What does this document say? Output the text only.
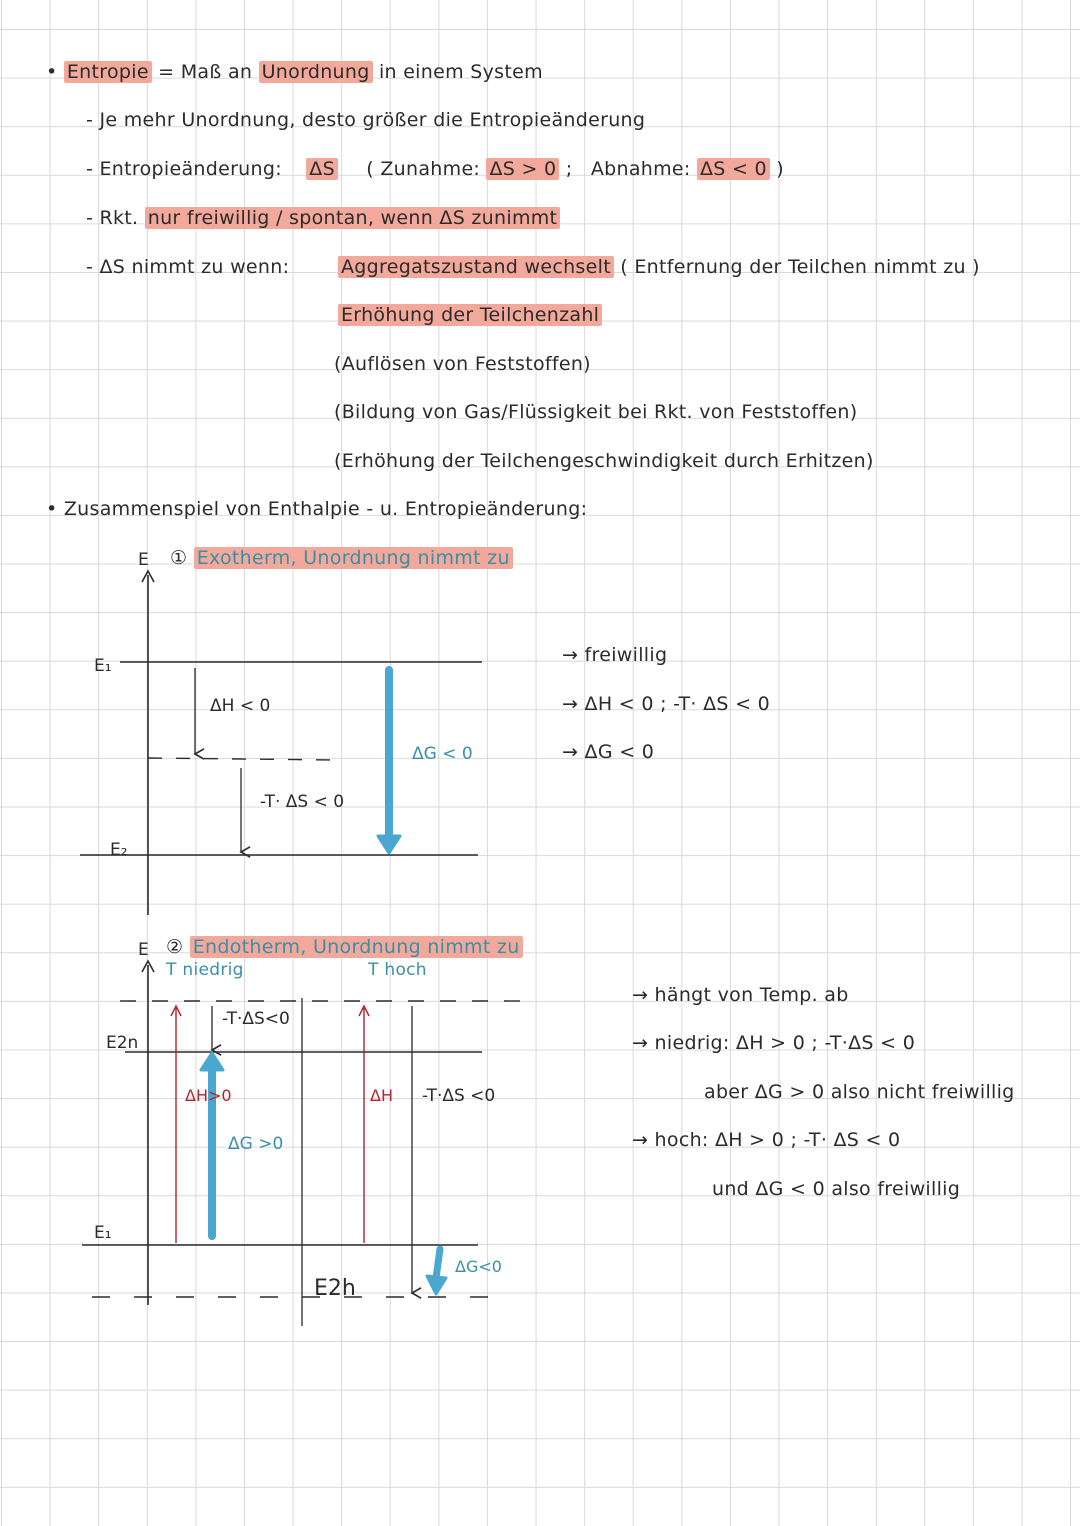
• Entropie = Maß an Unordnung in einem System
- Je mehr Unordnung, desto größer die Entropieänderung
- Entropieänderung: ΔS ( Zunahme: ΔS > 0 ; Abnahme: ΔS < 0 )
- Rkt. nur freiwillig / spontan, wenn ΔS zunimmt
- ΔS nimmt zu wenn:	Aggregatszustand wechselt ( Entfernung der Teilchen nimmt zu )
Erhöhung der Teilchenzahl
(Auflösen von Feststoffen)
(Bildung von Gas/Flüssigkeit bei Rkt. von Feststoffen)
(Erhöhung der Teilchengeschwindigkeit durch Erhitzen)
• Zusammenspiel von Enthalpie - u. Entropieänderung:
E ① Exotherm, Unordnung nimmt zu
E₁
E₂
ΔH < 0
-T· ΔS < 0
ΔG < 0
E2n
E₁
E2h
-T·ΔS<0
ΔH>0
ΔG >0
ΔH -T·ΔS <0
ΔG<0
→ freiwillig
→ ΔH < 0 ; -T· ΔS < 0
→ ΔG < 0
E ② Endotherm, Unordnung nimmt zu
T niedrig	T hoch
→ hängt von Temp. ab
→ niedrig: ΔH > 0 ; -T·ΔS < 0
aber ΔG > 0 also nicht freiwillig
→ hoch: ΔH > 0 ; -T· ΔS < 0
und ΔG < 0 also freiwillig
